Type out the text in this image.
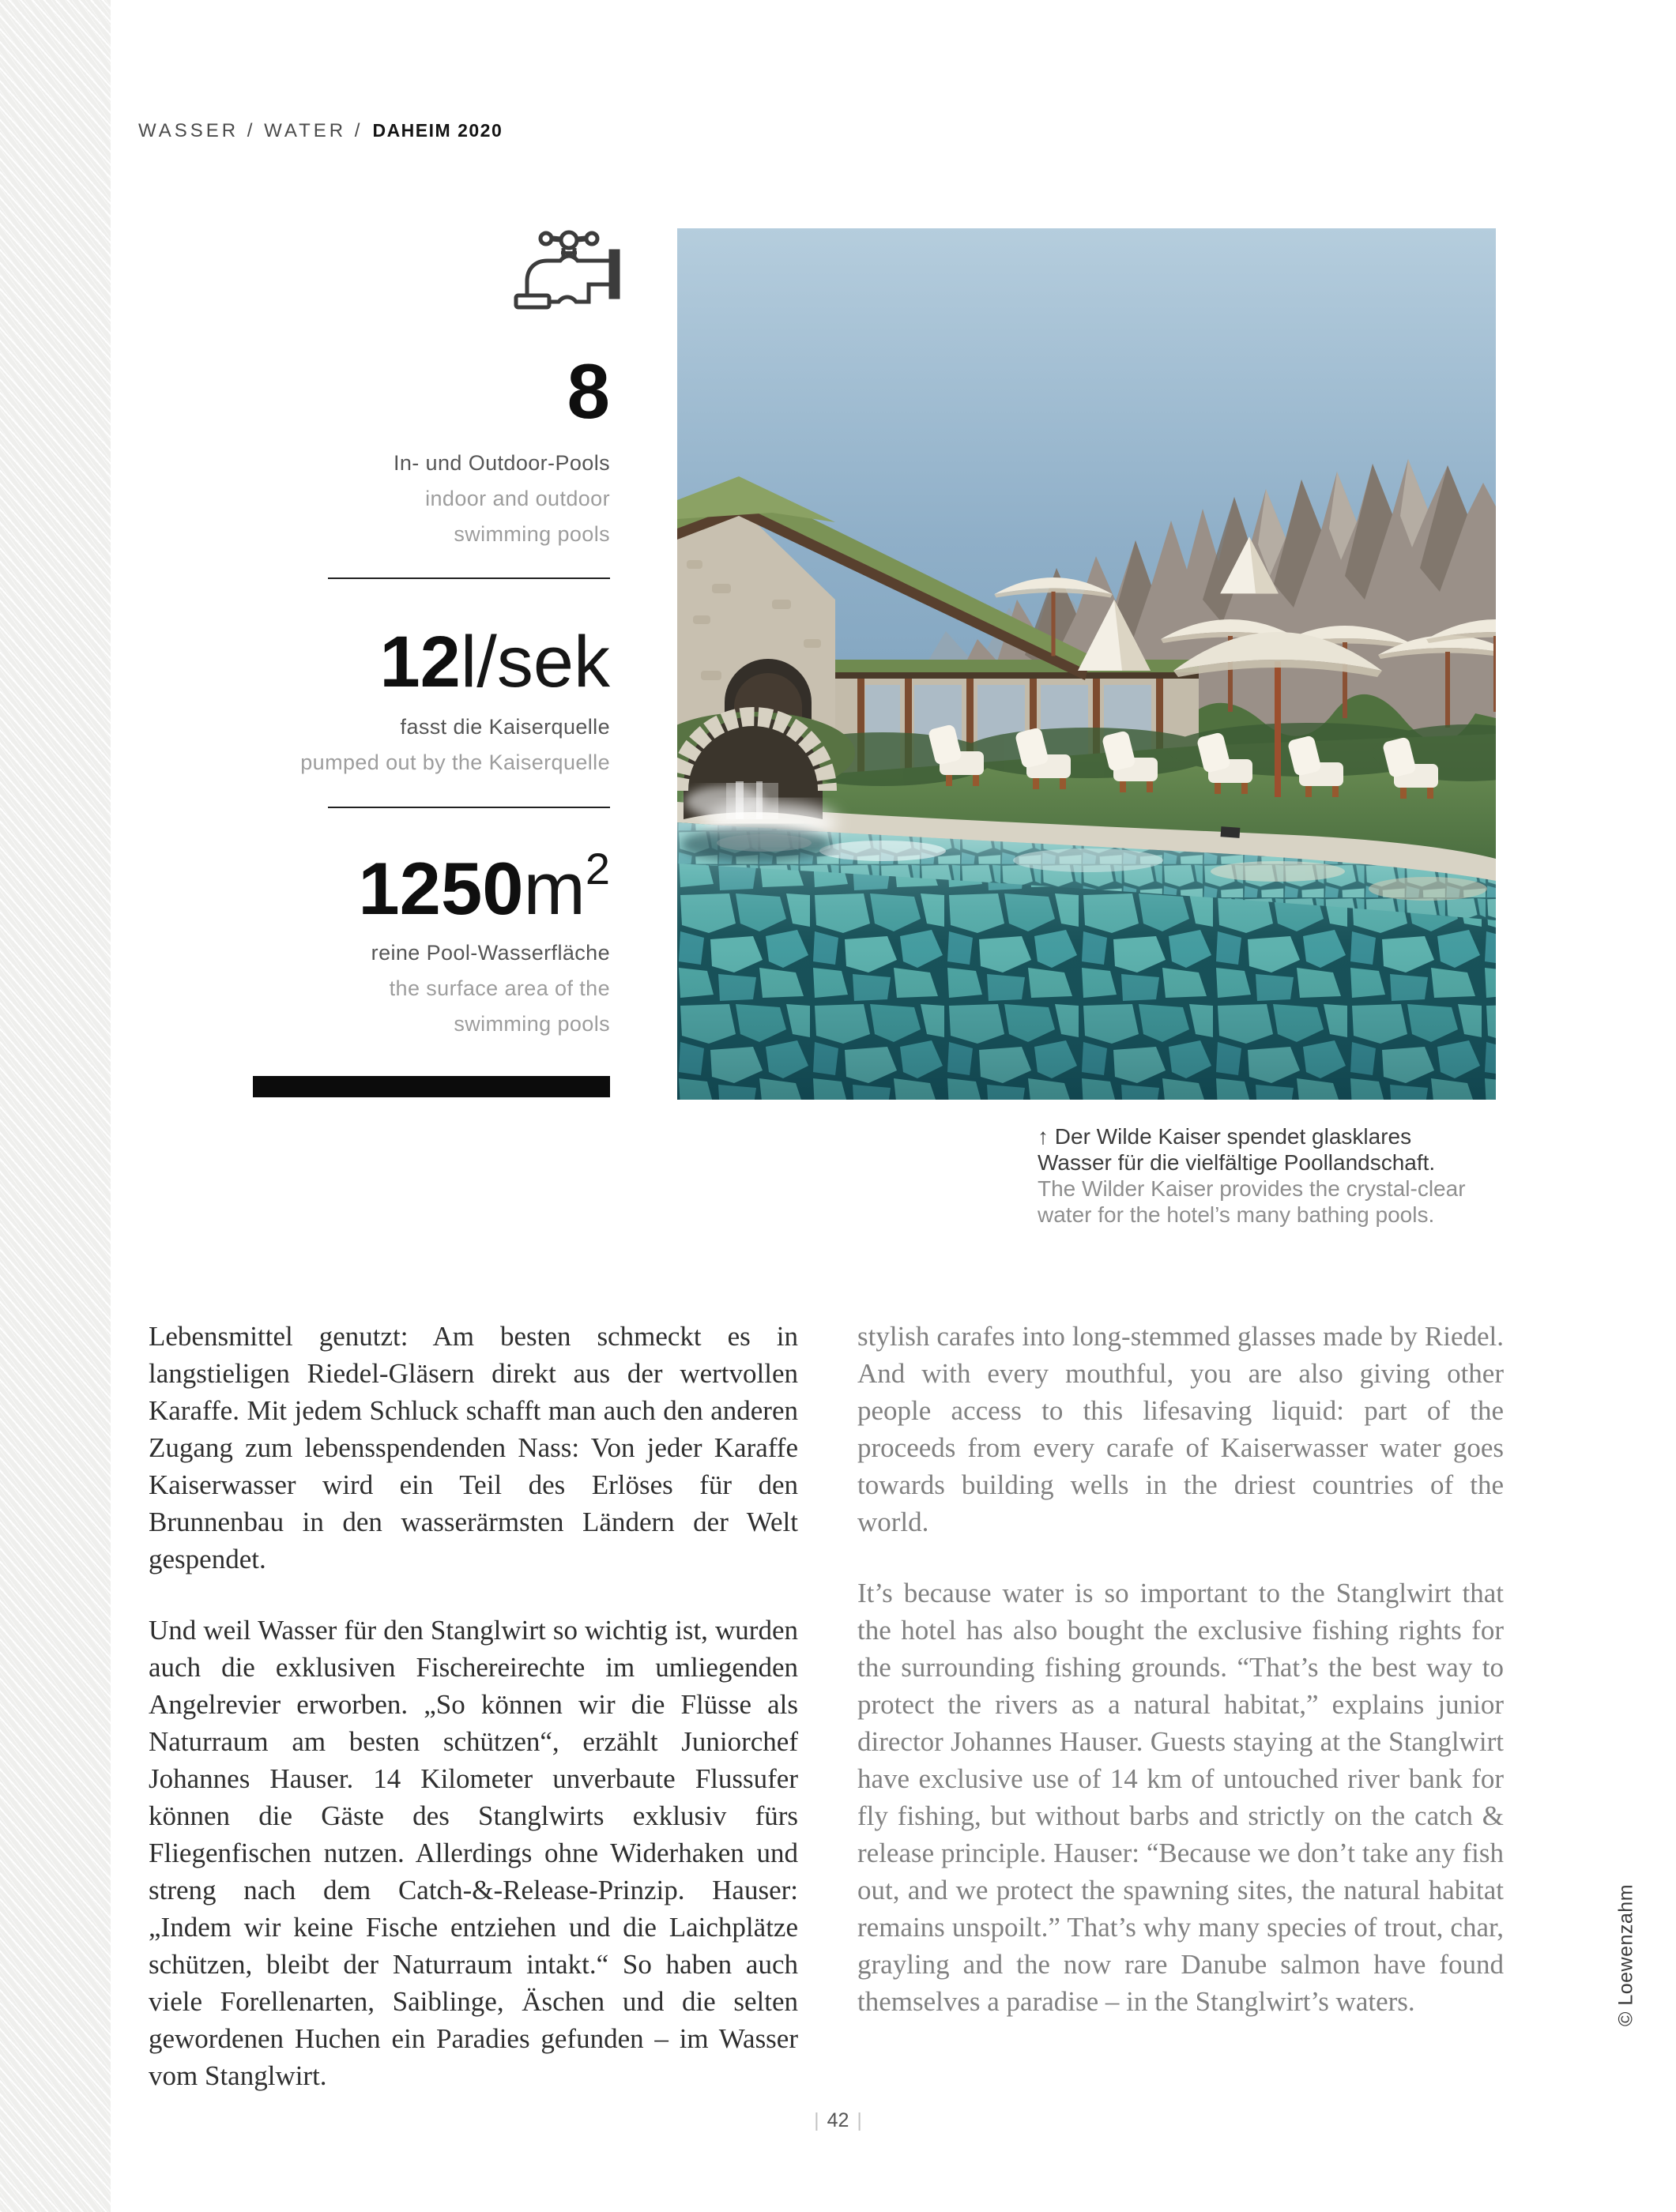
WASSER / WATER / DAHEIM 2020
8
In- und Outdoor-Pools
indoor and outdoor
swimming pools
12l/sek
fasst die Kaiserquelle
pumped out by the Kaiserquelle
1250m2
reine Pool-Wasserfläche
the surface area of the
swimming pools
↑ Der Wilde Kaiser spendet glasklares
Wasser für die vielfältige Poollandschaft.
The Wilder Kaiser provides the crystal-clear
water for the hotel’s many bathing pools.

Lebensmittel genutzt: Am besten schmeckt es in langstieligen Riedel-Gläsern direkt aus der wertvollen Karaffe. Mit jedem Schluck schafft man auch den anderen Zugang zum lebensspendenden Nass: Von jeder Karaffe Kaiserwasser wird ein Teil des Erlöses für den Brunnenbau in den wasserärmsten Ländern der Welt gespendet.

Und weil Wasser für den Stanglwirt so wichtig ist, wurden auch die exklusiven Fischereirechte im umliegenden Angelrevier erworben. „So können wir die Flüsse als Naturraum am besten schützen“, erzählt Juniorchef Johannes Hauser. 14 Kilometer unverbaute Flussufer können die Gäste des Stanglwirts exklusiv fürs Fliegenfischen nutzen. Allerdings ohne Widerhaken und streng nach dem Catch-&-Release-Prinzip. Hauser: „Indem wir keine Fische entziehen und die Laichplätze schützen, bleibt der Naturraum intakt.“ So haben auch viele Forellenarten, Saiblinge, Äschen und die selten gewordenen Huchen ein Paradies gefunden – im Wasser vom Stanglwirt.

stylish carafes into long-stemmed glasses made by Riedel. And with every mouthful, you are also giving other people access to this lifesaving liquid: part of the proceeds from every carafe of Kaiserwasser water goes towards building wells in the driest countries of the world.

It’s because water is so important to the Stanglwirt that the hotel has also bought the exclusive fishing rights for the surrounding fishing grounds. “That’s the best way to protect the rivers as a natural habitat,” explains junior director Johannes Hauser. Guests staying at the Stanglwirt have exclusive use of 14 km of untouched river bank for fly fishing, but without barbs and strictly on the catch & release principle. Hauser: “Because we don’t take any fish out, and we protect the spawning sites, the natural habitat remains unspoilt.” That’s why many species of trout, char, grayling and the now rare Danube salmon have found themselves a paradise – in the Stanglwirt’s waters.	© Loewenzahm
| 42 |
